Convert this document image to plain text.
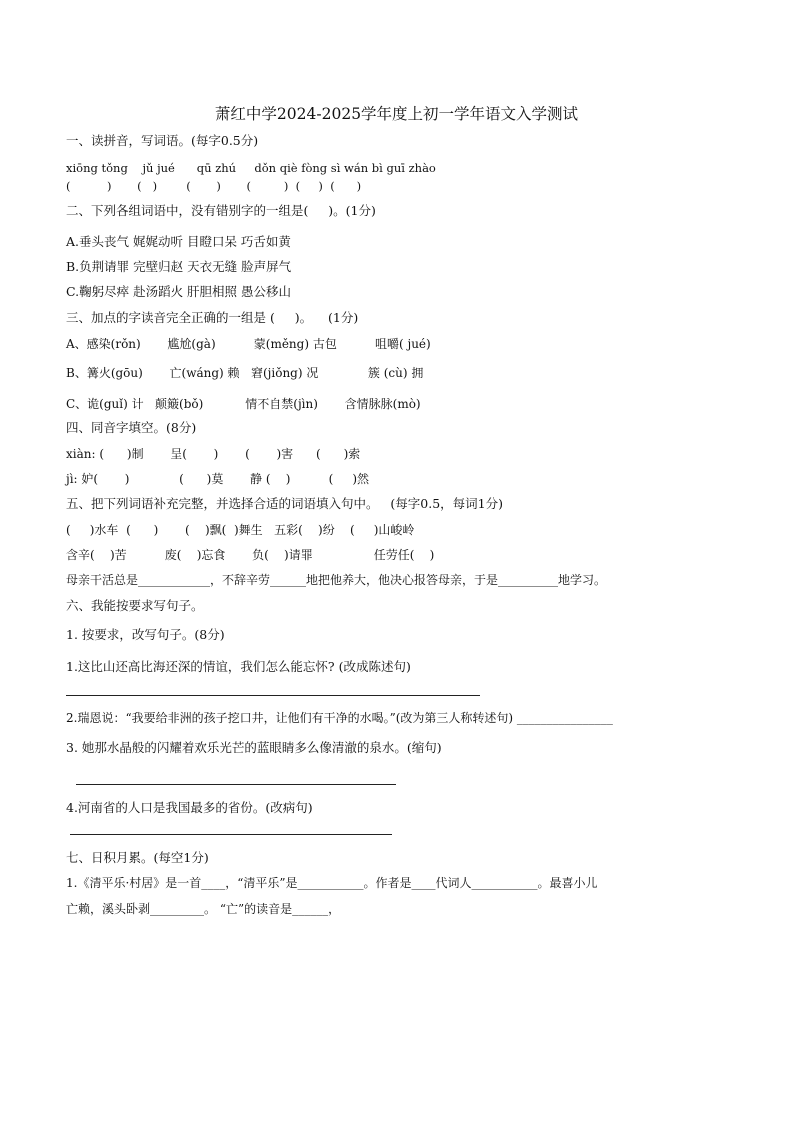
萧红中学2024-2025学年度上初一学年语文入学测试
一、读拼音，写词语。(每字0.5分)
xiōng tǒng    jǔ jué      qū zhú     dǒn qiè fòng sì wán bì guī zhào
(          )       (   )        (       )       (         )  (     )  (      )
二、下列各组词语中，没有错别字的一组是(     )。(1分)
A.垂头丧气 娓娓动听 目瞪口呆 巧舌如黄
B.负荆请罪 完壁归赵 天衣无缝 脸声屏气
C.鞠躬尽瘁 赴汤蹈火 肝胆相照 愚公移山
三、加点的字读音完全正确的一组是 (     )。    (1分)
A、感染(rǒn)       尴尬(gà)          蒙(měng) 古包          咀嚼( jué)
B、篝火(gōu)       亡(wáng) 赖   窘(jiǒng) 况             簇 (cù) 拥
C、诡(guǐ) 计   颠簸(bǒ)           情不自禁(jìn)       含情脉脉(mò)
四、同音字填空。(8分)
xiàn: (      )制       呈(       )       (       )害      (      )索
jì: 妒(       )             (      )莫       静 (    )          (     )然
五、把下列词语补充完整，并选择合适的词语填入句中。   (每字0.5，每词1分)
(     )水车  (      )       (    )飘(  )舞生   五彩(    )纷    (     )山峻岭
含辛(    )苦          废(    )忘食       负(    )请罪                任劳任(    )
母亲干活总是____________，不辞辛劳______地把他养大，他决心报答母亲，于是__________地学习。
六、我能按要求写句子。
1. 按要求，改写句子。(8分)
1.这比山还高比海还深的情谊，我们怎么能忘怀? (改成陈述句)
2.瑞恩说：“我要给非洲的孩子挖口井，让他们有干净的水喝。”(改为第三人称转述句) ________________
3. 她那水晶般的闪耀着欢乐光芒的蓝眼睛多么像清澈的泉水。(缩句)
4.河南省的人口是我国最多的省份。(改病句)
七、日积月累。(每空1分)
1.《清平乐·村居》是一首____，“清平乐”是___________。作者是____代词人___________。最喜小儿
亡赖，溪头卧剥_________。 “亡”的读音是______，
